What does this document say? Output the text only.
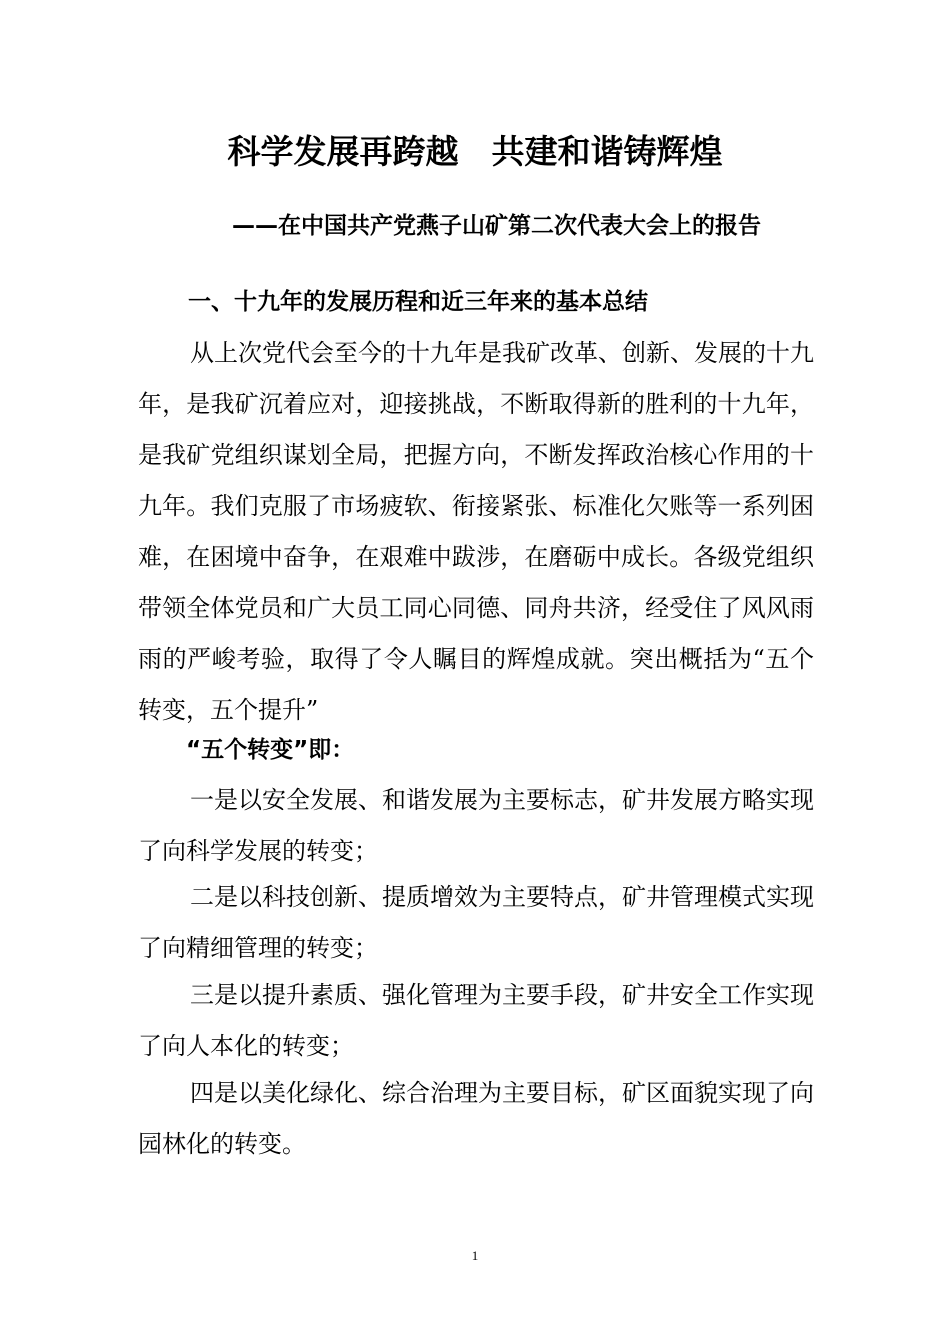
科学发展再跨越　共建和谐铸辉煌
——在中国共产党燕子山矿第二次代表大会上的报告
一、十九年的发展历程和近三年来的基本总结

从上次党代会至今的十九年是我矿改革、创新、发展的十九年，是我矿沉着应对，迎接挑战，不断取得新的胜利的十九年，是我矿党组织谋划全局，把握方向，不断发挥政治核心作用的十九年。我们克服了市场疲软、衔接紧张、标准化欠账等一系列困难，在困境中奋争，在艰难中跋涉，在磨砺中成长。各级党组织带领全体党员和广大员工同心同德、同舟共济，经受住了风风雨雨的严峻考验，取得了令人瞩目的辉煌成就。突出概括为“五个转变，五个提升”

“五个转变”即：

一是以安全发展、和谐发展为主要标志，矿井发展方略实现了向科学发展的转变；

二是以科技创新、提质增效为主要特点，矿井管理模式实现了向精细管理的转变；

三是以提升素质、强化管理为主要手段，矿井安全工作实现了向人本化的转变；

四是以美化绿化、综合治理为主要目标，矿区面貌实现了向园林化的转变。

1
